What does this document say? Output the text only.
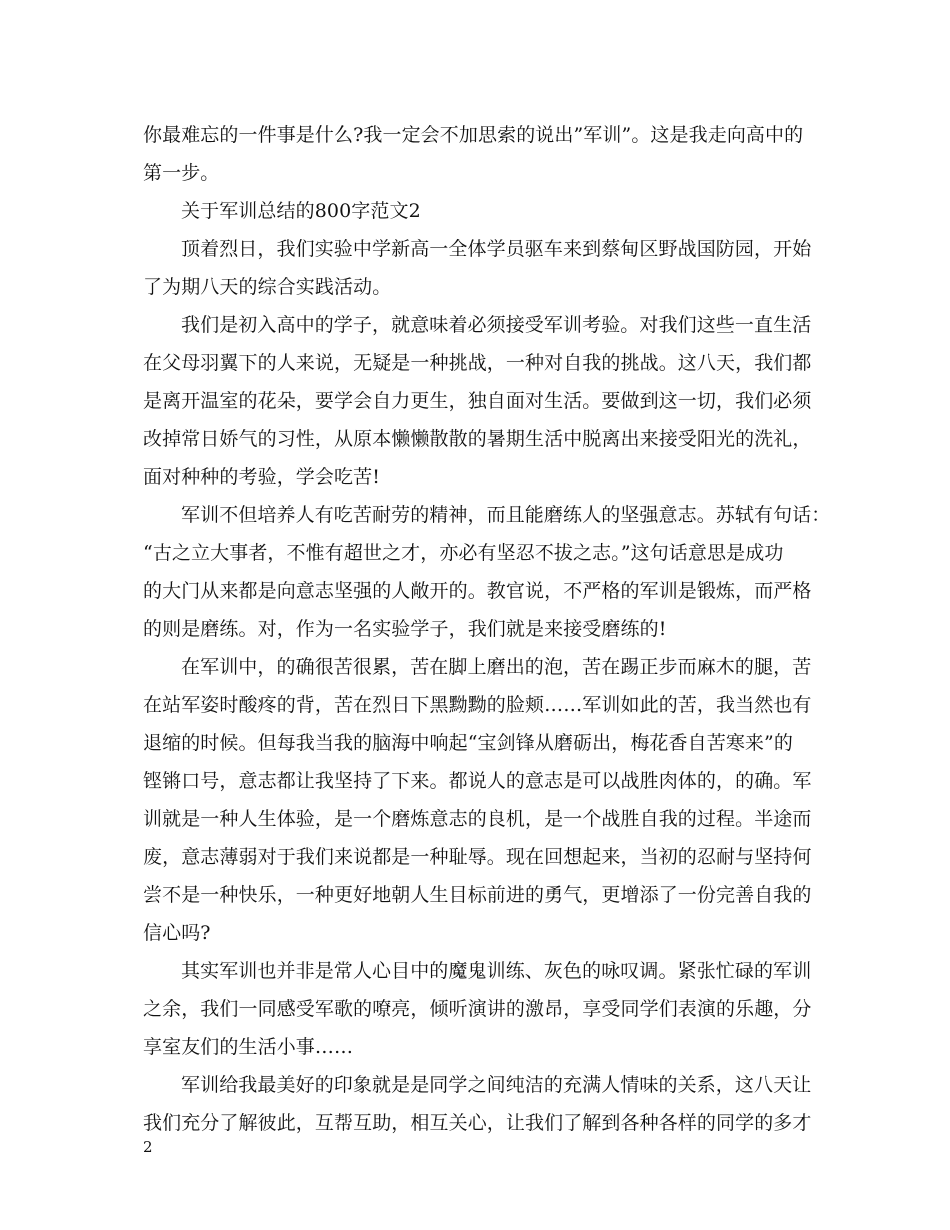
你最难忘的一件事是什么?我一定会不加思索的说出”军训”。这是我走向高中的
第一步。
关于军训总结的800字范文2
顶着烈日，我们实验中学新高一全体学员驱车来到蔡甸区野战国防园，开始
了为期八天的综合实践活动。
我们是初入高中的学子，就意味着必须接受军训考验。对我们这些一直生活
在父母羽翼下的人来说，无疑是一种挑战，一种对自我的挑战。这八天，我们都
是离开温室的花朵，要学会自力更生，独自面对生活。要做到这一切，我们必须
改掉常日娇气的习性，从原本懒懒散散的暑期生活中脱离出来接受阳光的洗礼，
面对种种的考验，学会吃苦!
军训不但培养人有吃苦耐劳的精神，而且能磨练人的坚强意志。苏轼有句话：
“古之立大事者，不惟有超世之才，亦必有坚忍不拔之志。”这句话意思是成功
的大门从来都是向意志坚强的人敞开的。教官说，不严格的军训是锻炼，而严格
的则是磨练。对，作为一名实验学子，我们就是来接受磨练的!
在军训中，的确很苦很累，苦在脚上磨出的泡，苦在踢正步而麻木的腿，苦
在站军姿时酸疼的背，苦在烈日下黑黝黝的脸颊……军训如此的苦，我当然也有
退缩的时候。但每我当我的脑海中响起“宝剑锋从磨砺出，梅花香自苦寒来”的
铿锵口号，意志都让我坚持了下来。都说人的意志是可以战胜肉体的，的确。军
训就是一种人生体验，是一个磨炼意志的良机，是一个战胜自我的过程。半途而
废，意志薄弱对于我们来说都是一种耻辱。现在回想起来，当初的忍耐与坚持何
尝不是一种快乐，一种更好地朝人生目标前进的勇气，更增添了一份完善自我的
信心吗?
其实军训也并非是常人心目中的魔鬼训练、灰色的咏叹调。紧张忙碌的军训
之余，我们一同感受军歌的嘹亮，倾听演讲的激昂，享受同学们表演的乐趣，分
享室友们的生活小事……
军训给我最美好的印象就是是同学之间纯洁的充满人情味的关系，这八天让
我们充分了解彼此，互帮互助，相互关心，让我们了解到各种各样的同学的多才
2
